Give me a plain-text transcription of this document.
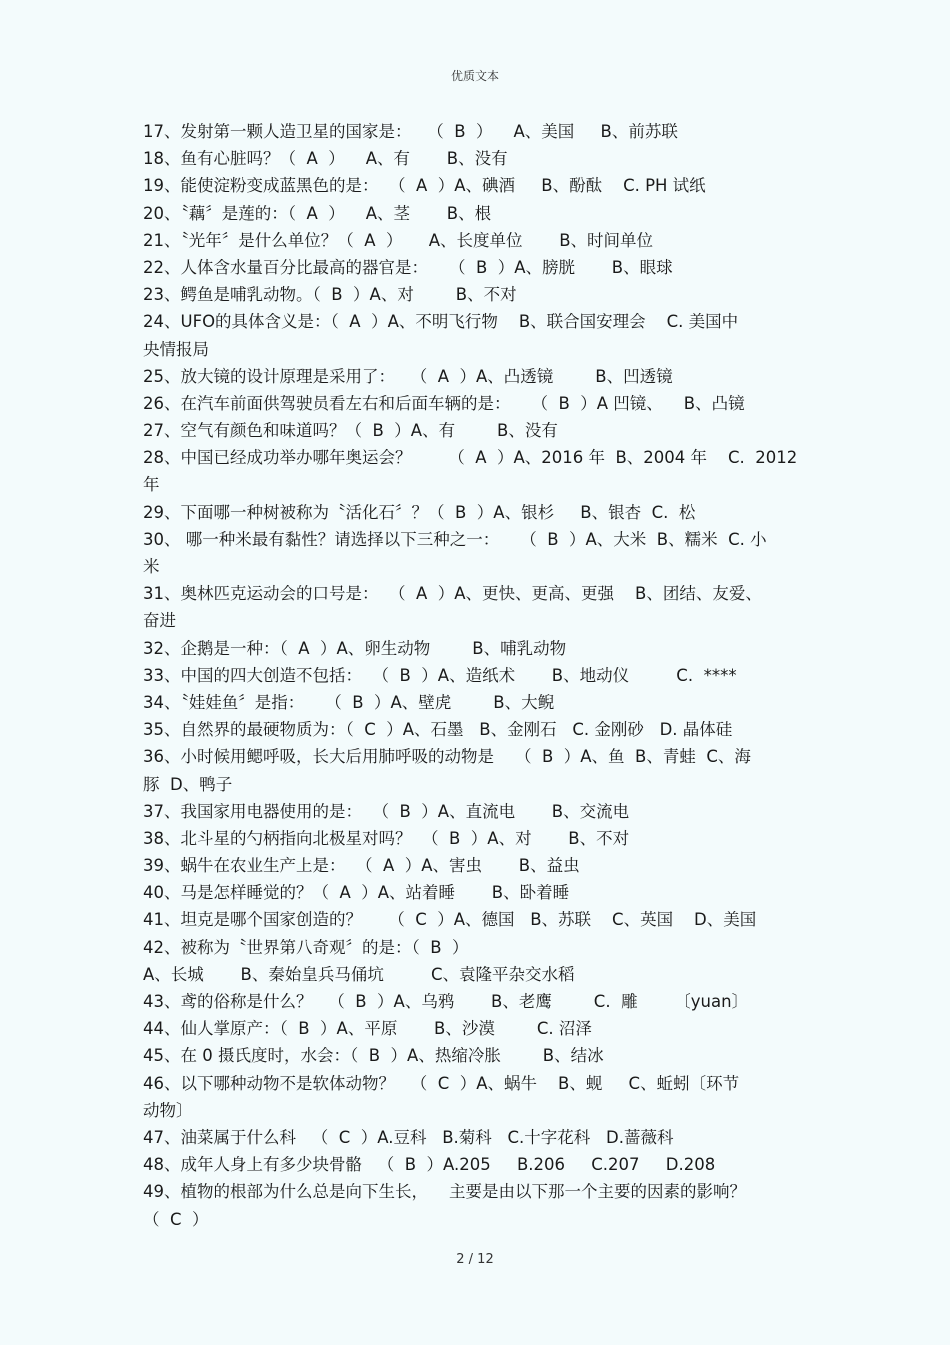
优质文本
17、发射第一颗人造卫星的国家是：   （  B  ）    A、美国     B、前苏联
18、鱼有心脏吗？（  A  ）    A、有       B、没有
19、能使淀粉变成蓝黑色的是：  （  A  ）A、碘酒     B、酚酞    C. PH 试纸
20、〝藕〞是莲的：（  A  ）    A、茎       B、根
21、〝光年〞是什么单位？（  A  ）     A、长度单位       B、时间单位
22、人体含水量百分比最高的器官是：    （  B  ）A、膀胱       B、眼球
23、鳄鱼是哺乳动物。（  B  ）A、对        B、不对
24、UFO的具体含义是：（  A  ）A、不明飞行物    B、联合国安理会    C. 美国中
央情报局
25、放大镜的设计原理是采用了：   （  A  ）A、凸透镜        B、凹透镜
26、在汽车前面供驾驶员看左右和后面车辆的是：    （  B  ）A 凹镜、    B、凸镜
27、空气有颜色和味道吗？（  B  ）A、有        B、没有
28、中国已经成功举办哪年奥运会？       （  A  ）A、2016 年  B、2004 年    C.  2012
年
29、下面哪一种树被称为〝活化石〞？（  B  ）A、银杉     B、银杏  C.  松
30、 哪一种米最有黏性？请选择以下三种之一：    （  B  ）A、大米  B、糯米  C. 小
米
31、奥林匹克运动会的口号是：  （  A  ）A、更快、更高、更强    B、团结、友爱、
奋进
32、企鹅是一种：（  A  ）A、卵生动物        B、哺乳动物
33、中国的四大创造不包括：  （  B  ）A、造纸术       B、地动仪         C.  ****
34、〝娃娃鱼〞是指：    （  B  ）A、壁虎        B、大鲵
35、自然界的最硬物质为：（  C  ）A、石墨   B、金刚石   C. 金刚砂   D. 晶体硅
36、小时候用鳃呼吸，长大后用肺呼吸的动物是    （  B  ）A、鱼  B、青蛙  C、海
豚  D、鸭子
37、我国家用电器使用的是：  （  B  ）A、直流电       B、交流电
38、北斗星的勺柄指向北极星对吗？  （  B  ）A、对       B、不对
39、蜗牛在农业生产上是：  （  A  ）A、害虫       B、益虫
40、马是怎样睡觉的？（  A  ）A、站着睡       B、卧着睡
41、坦克是哪个国家创造的？     （  C  ）A、德国   B、苏联    C、英国    D、美国
42、被称为〝世界第八奇观〞的是：（  B  ）
A、长城       B、秦始皇兵马俑坑         C、袁隆平杂交水稻
43、鸢的俗称是什么？   （  B  ）A、乌鸦       B、老鹰        C.  雕       〔yuan〕
44、仙人掌原产：（  B  ）A、平原       B、沙漠        C. 沼泽
45、在 0 摄氏度时，水会：（  B  ）A、热缩冷胀        B、结冰
46、以下哪种动物不是软体动物？   （  C  ）A、蜗牛    B、蚬     C、蚯蚓〔环节
动物〕
47、油菜属于什么科   （  C  ）A.豆科   B.菊科   C.十字花科   D.蔷薇科
48、成年人身上有多少块骨骼   （  B  ）A.205     B.206     C.207     D.208
49、植物的根部为什么总是向下生长，    主要是由以下那一个主要的因素的影响？
（  C  ）
2 / 12
